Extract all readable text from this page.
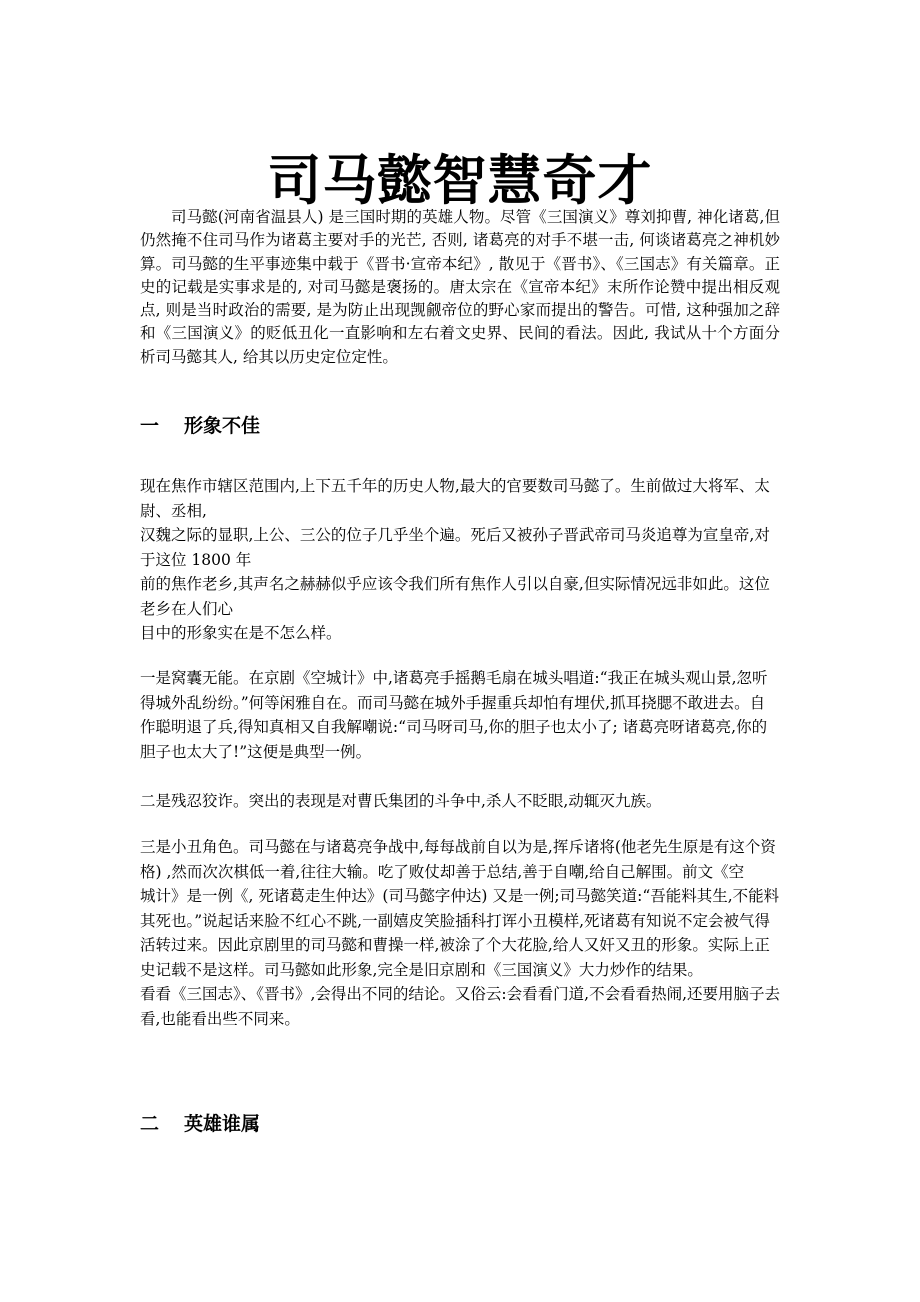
司马懿智慧奇才

司马懿(河南省温县人) 是三国时期的英雄人物。尽管《三国演义》尊刘抑曹, 神化诸葛,但仍然掩不住司马作为诸葛主要对手的光芒, 否则, 诸葛亮的对手不堪一击, 何谈诸葛亮之神机妙算。司马懿的生平事迹集中载于《晋书·宣帝本纪》, 散见于《晋书》、《三国志》有关篇章。正史的记载是实事求是的, 对司马懿是褒扬的。唐太宗在《宣帝本纪》末所作论赞中提出相反观点, 则是当时政治的需要, 是为防止出现觊觎帝位的野心家而提出的警告。可惜, 这种强加之辞和《三国演义》的贬低丑化一直影响和左右着文史界、民间的看法。因此, 我试从十个方面分析司马懿其人, 给其以历史定位定性。

一 形象不佳
现在焦作市辖区范围内,上下五千年的历史人物,最大的官要数司马懿了。生前做过大将军、太尉、丞相,
汉魏之际的显职,上公、三公的位子几乎坐个遍。死后又被孙子晋武帝司马炎追尊为宣皇帝,对于这位 1800 年
前的焦作老乡,其声名之赫赫似乎应该令我们所有焦作人引以自豪,但实际情况远非如此。这位老乡在人们心
目中的形象实在是不怎么样。
一是窝囊无能。在京剧《空城计》中,诸葛亮手摇鹅毛扇在城头唱道:“我正在城头观山景,忽听得城外乱纷纷。”何等闲雅自在。而司马懿在城外手握重兵却怕有埋伏,抓耳挠腮不敢进去。自作聪明退了兵,得知真相又自我解嘲说:“司马呀司马,你的胆子也太小了; 诸葛亮呀诸葛亮,你的胆子也太大了!”这便是典型一例。
二是残忍狡诈。突出的表现是对曹氏集团的斗争中,杀人不眨眼,动辄灭九族。
三是小丑角色。司马懿在与诸葛亮争战中,每每战前自以为是,挥斥诸将(他老先生原是有这个资格) ,然而次次棋低一着,往往大输。吃了败仗却善于总结,善于自嘲,给自己解围。前文《空
城计》是一例《, 死诸葛走生仲达》(司马懿字仲达) 又是一例;司马懿笑道:“吾能料其生,不能料其死也。”说起话来脸不红心不跳,一副嬉皮笑脸插科打诨小丑模样,死诸葛有知说不定会被气得活转过来。因此京剧里的司马懿和曹操一样,被涂了个大花脸,给人又奸又丑的形象。实际上正史记载不是这样。司马懿如此形象,完全是旧京剧和《三国演义》大力炒作的结果。
看看《三国志》、《晋书》,会得出不同的结论。又俗云:会看看门道,不会看看热闹,还要用脑子去看,也能看出些不同来。
二 英雄谁属
